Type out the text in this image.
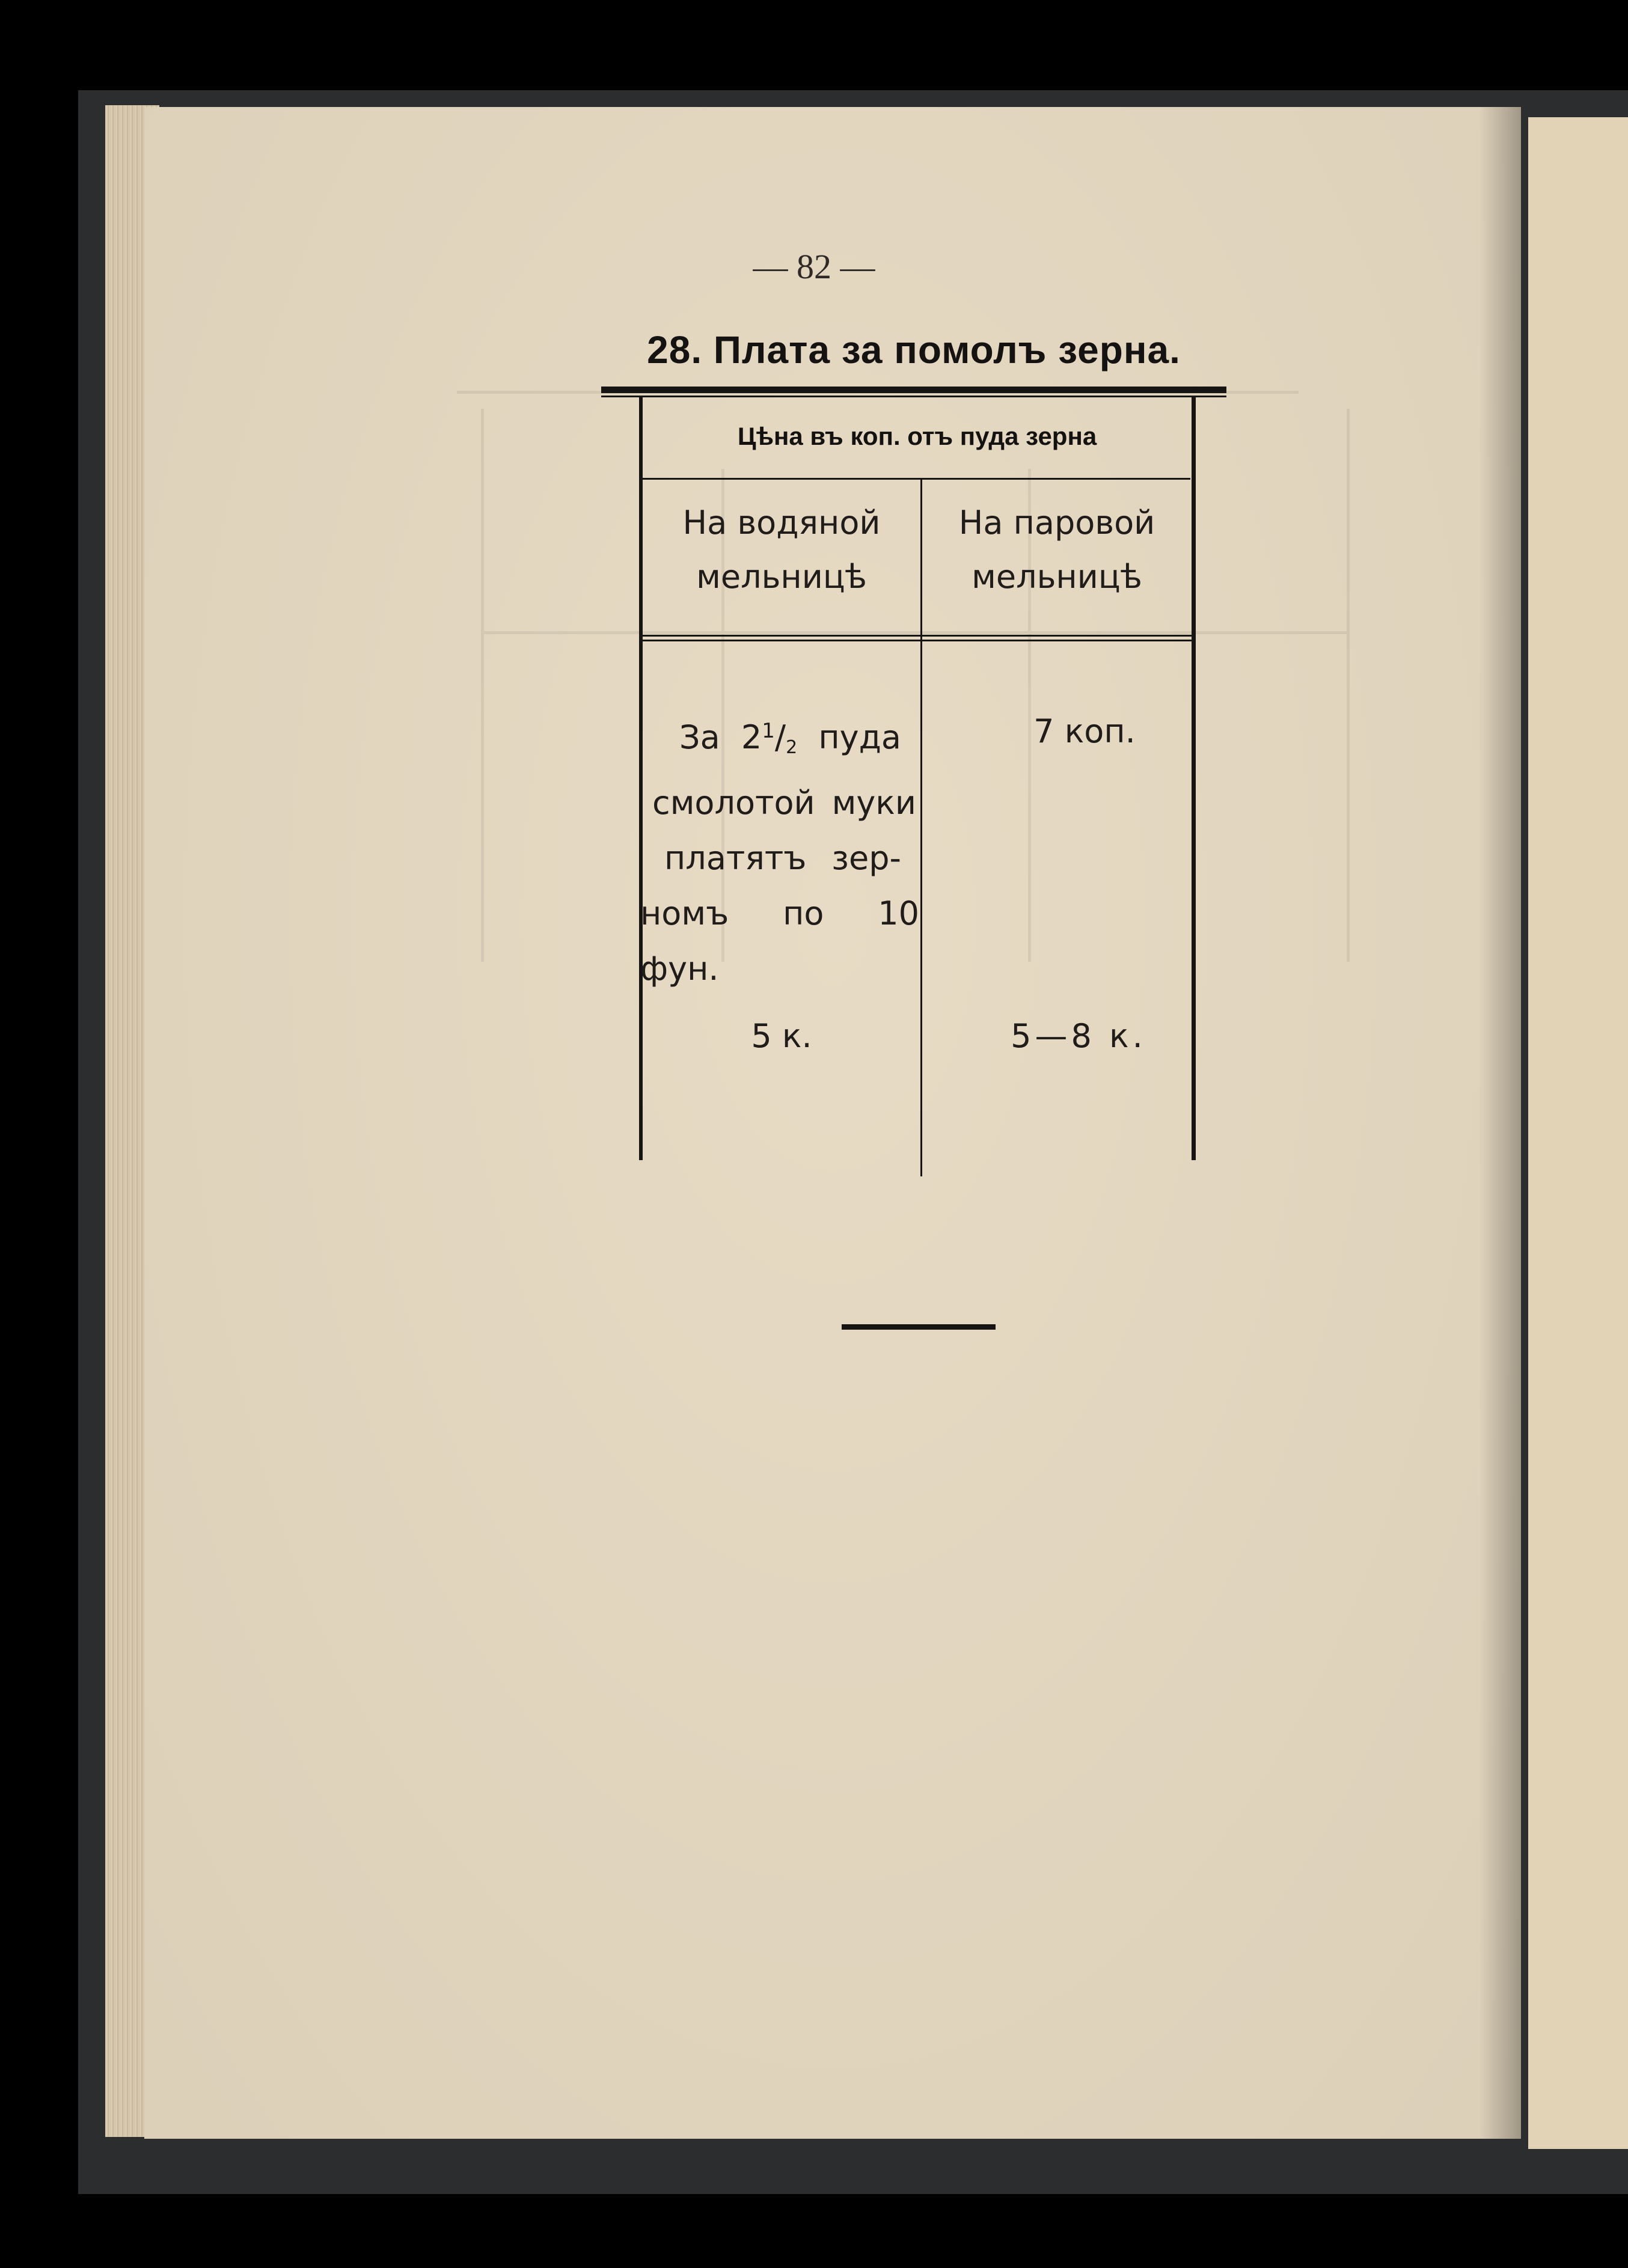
— 82 —
28. Плата за помолъ зерна.
Цѣна въ коп. отъ пуда зерна
На водяной
мельницѣ
На паровой
мельницѣ
За $2^1/2$ пуда
смолотой муки
платятъ зер-
номъ по 10 фун.
7 коп.
5 к.	5—8 к.
